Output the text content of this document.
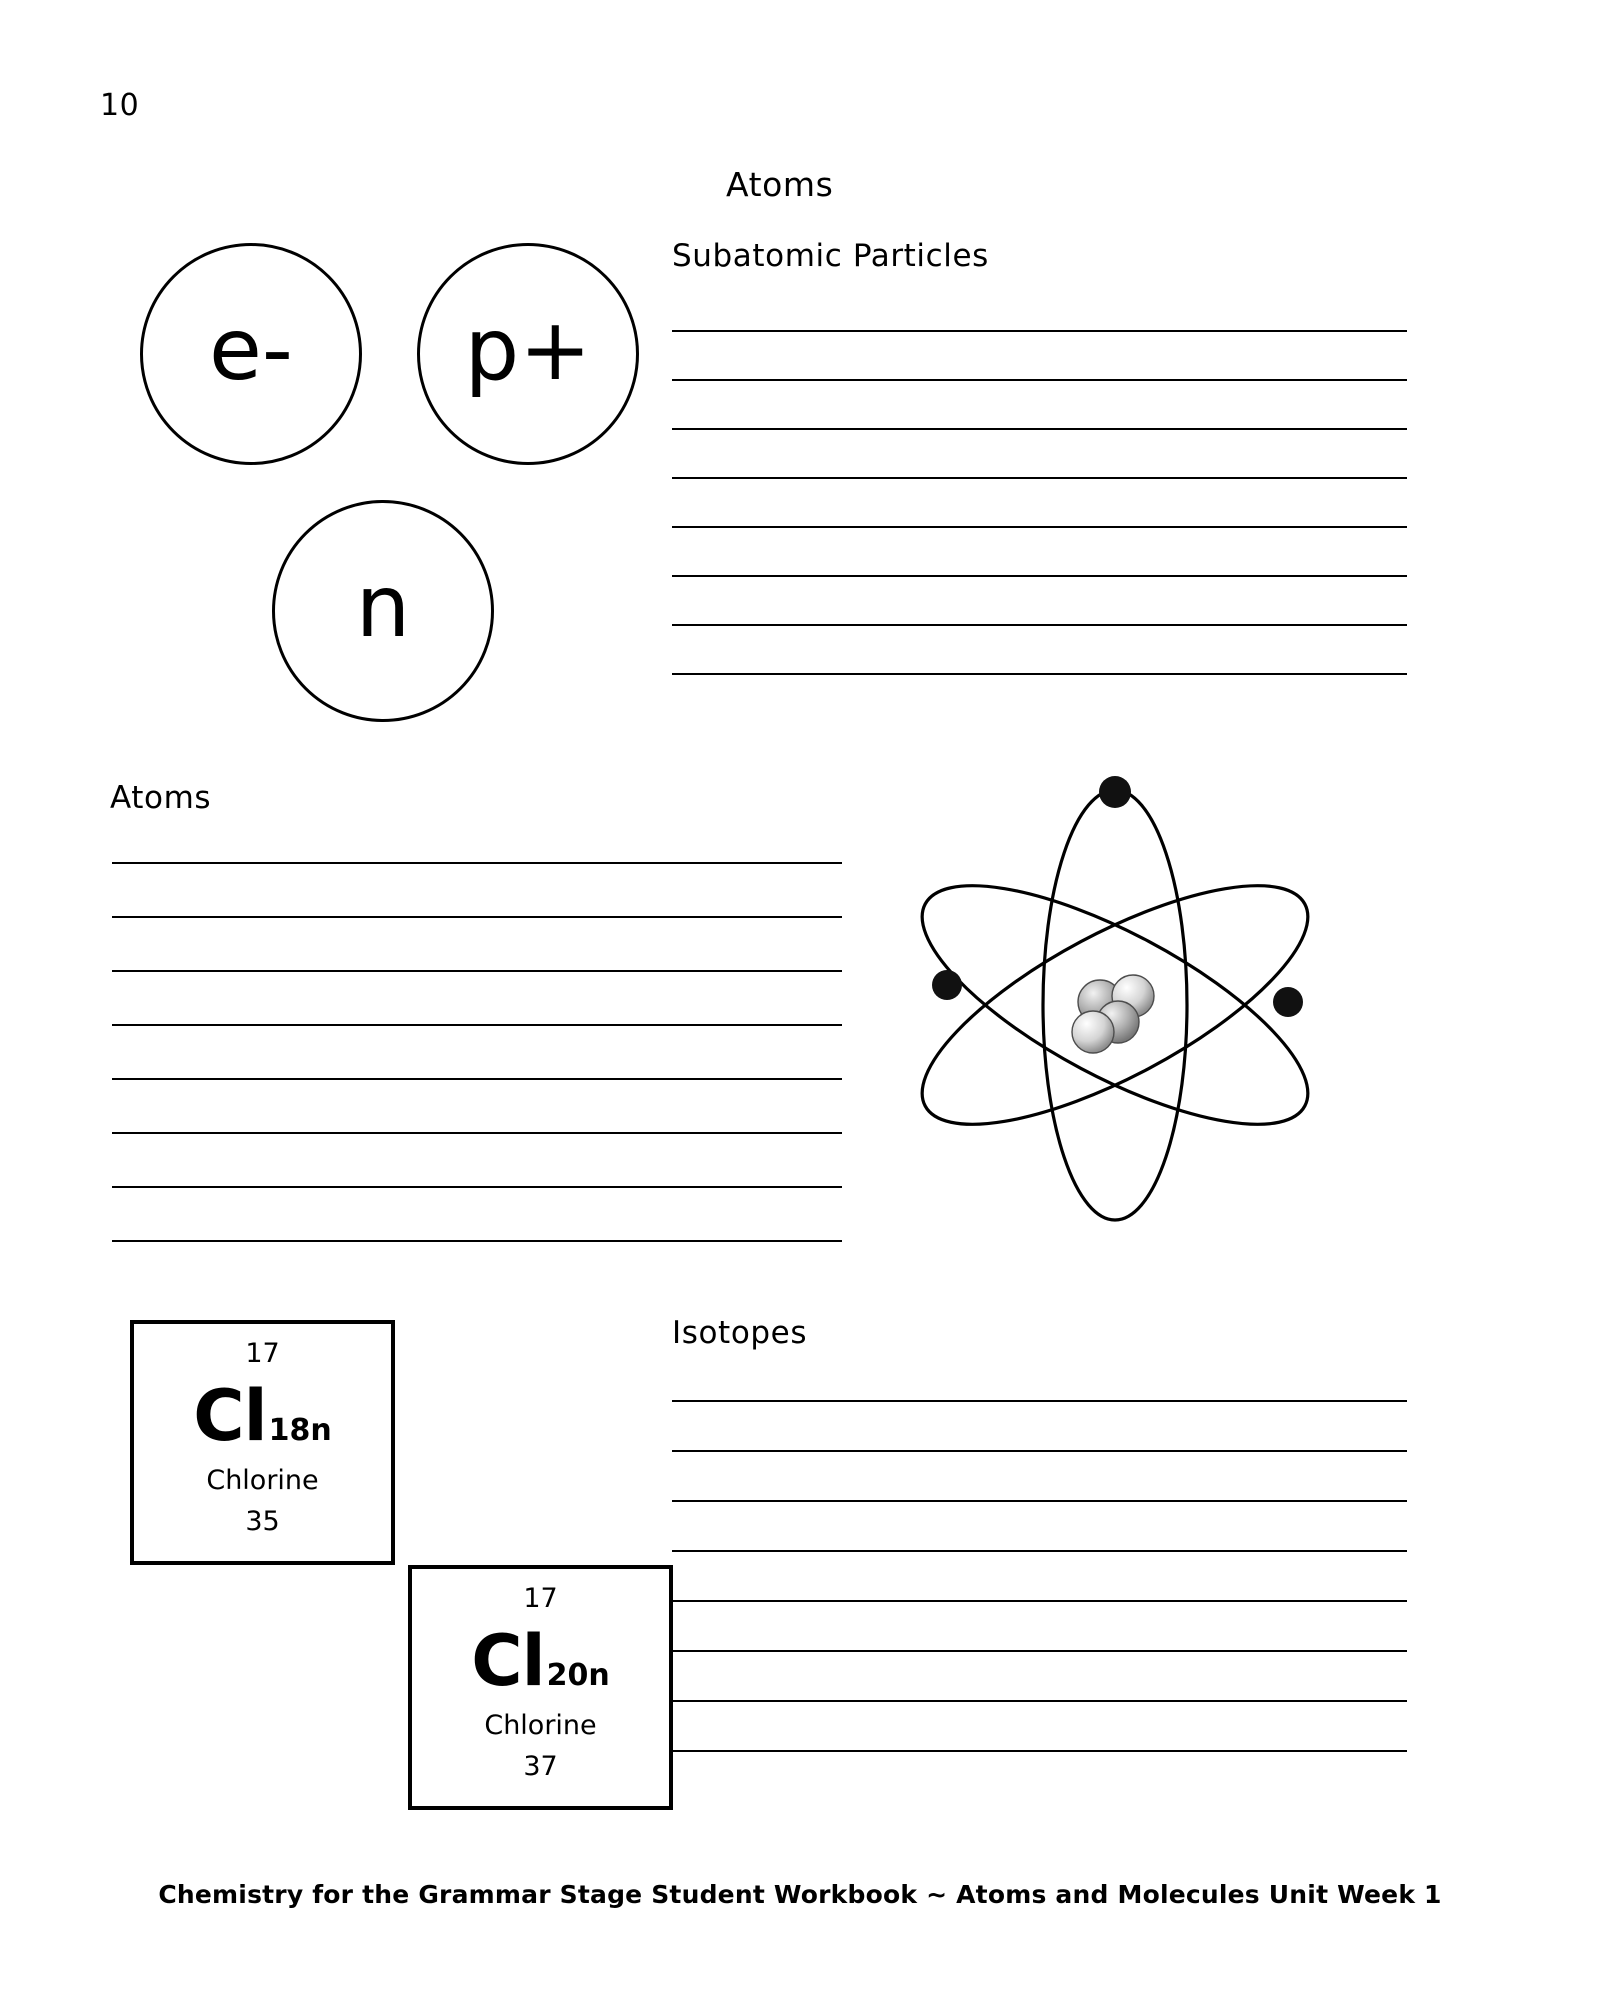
10
Atoms
Subatomic Particles
e- p+
n
Atoms
Isotopes
17
Cl 18n
Chlorine
35
17
Cl 20n
Chlorine
37
Chemistry for the Grammar Stage Student Workbook ~ Atoms and Molecules Unit Week 1
